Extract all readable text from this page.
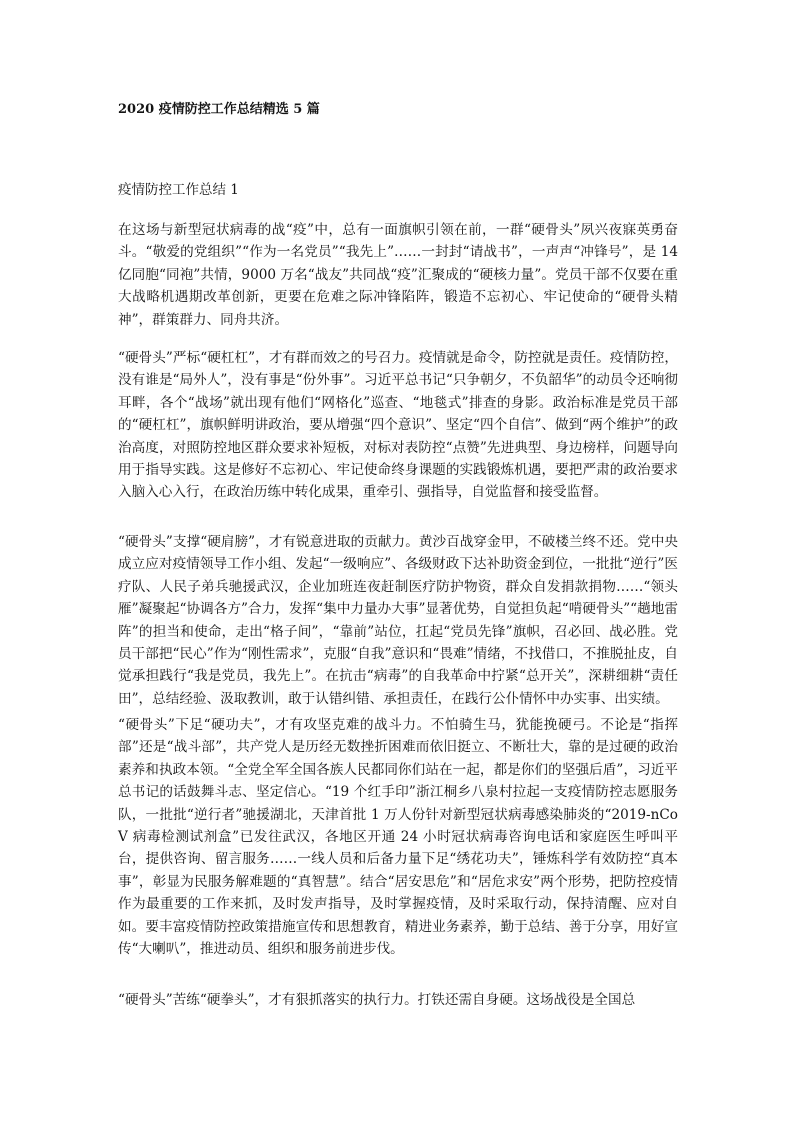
2020 疫情防控工作总结精选 5 篇
疫情防控工作总结 1

在这场与新型冠状病毒的战“疫”中，总有一面旗帜引领在前，一群“硬骨头”夙兴夜寐英勇奋斗。“敬爱的党组织”“作为一名党员”“我先上”……一封封“请战书”，一声声“冲锋号”，是 14 亿同胞“同袍”共情，9000 万名“战友”共同战“疫”汇聚成的“硬核力量”。党员干部不仅要在重大战略机遇期改革创新，更要在危难之际冲锋陷阵，锻造不忘初心、牢记使命的“硬骨头精神”，群策群力、同舟共济。

“硬骨头”严标“硬杠杠”，才有群而效之的号召力。疫情就是命令，防控就是责任。疫情防控，没有谁是“局外人”，没有事是“份外事”。习近平总书记“只争朝夕，不负韶华”的动员令还响彻耳畔，各个“战场”就出现有他们“网格化”巡查、“地毯式”排查的身影。政治标准是党员干部的“硬杠杠”，旗帜鲜明讲政治，要从增强“四个意识”、坚定“四个自信”、做到“两个维护”的政治高度，对照防控地区群众要求补短板，对标对表防控“点赞”先进典型、身边榜样，问题导向用于指导实践。这是修好不忘初心、牢记使命终身课题的实践锻炼机遇，要把严肃的政治要求入脑入心入行，在政治历练中转化成果，重牵引、强指导，自觉监督和接受监督。

“硬骨头”支撑“硬肩膀”，才有锐意进取的贡献力。黄沙百战穿金甲，不破楼兰终不还。党中央成立应对疫情领导工作小组、发起“一级响应”、各级财政下达补助资金到位，一批批“逆行”医疗队、人民子弟兵驰援武汉，企业加班连夜赶制医疗防护物资，群众自发捐款捐物……“领头雁”凝聚起“协调各方”合力，发挥“集中力量办大事”显著优势，自觉担负起“啃硬骨头”“趟地雷阵”的担当和使命，走出“格子间”，“靠前”站位，扛起“党员先锋”旗帜，召必回、战必胜。党员干部把“民心”作为“刚性需求”，克服“自我”意识和“畏难”情绪，不找借口，不推脱扯皮，自觉承担践行“我是党员，我先上”。在抗击“病毒”的自我革命中拧紧“总开关”，深耕细耕“责任田”，总结经验、汲取教训，敢于认错纠错、承担责任，在践行公仆情怀中办实事、出实绩。

“硬骨头”下足“硬功夫”，才有攻坚克难的战斗力。不怕骑生马，犹能挽硬弓。不论是“指挥部”还是“战斗部”，共产党人是历经无数挫折困难而依旧挺立、不断壮大，靠的是过硬的政治素养和执政本领。“全党全军全国各族人民都同你们站在一起，都是你们的坚强后盾”，习近平总书记的话鼓舞斗志、坚定信心。“19 个红手印”浙江桐乡八泉村拉起一支疫情防控志愿服务队，一批批“逆行者”驰援湖北，天津首批 1 万人份针对新型冠状病毒感染肺炎的“2019-nCoV 病毒检测试剂盒”已发往武汉，各地区开通 24 小时冠状病毒咨询电话和家庭医生呼叫平台，提供咨询、留言服务……一线人员和后备力量下足“绣花功夫”，锤炼科学有效防控“真本事”，彰显为民服务解难题的“真智慧”。结合“居安思危”和“居危求安”两个形势，把防控疫情作为最重要的工作来抓，及时发声指导，及时掌握疫情，及时采取行动，保持清醒、应对自如。要丰富疫情防控政策措施宣传和思想教育，精进业务素养，勤于总结、善于分享，用好宣传“大喇叭”，推进动员、组织和服务前进步伐。

“硬骨头”苦练“硬拳头”，才有狠抓落实的执行力。打铁还需自身硬。这场战役是全国总
